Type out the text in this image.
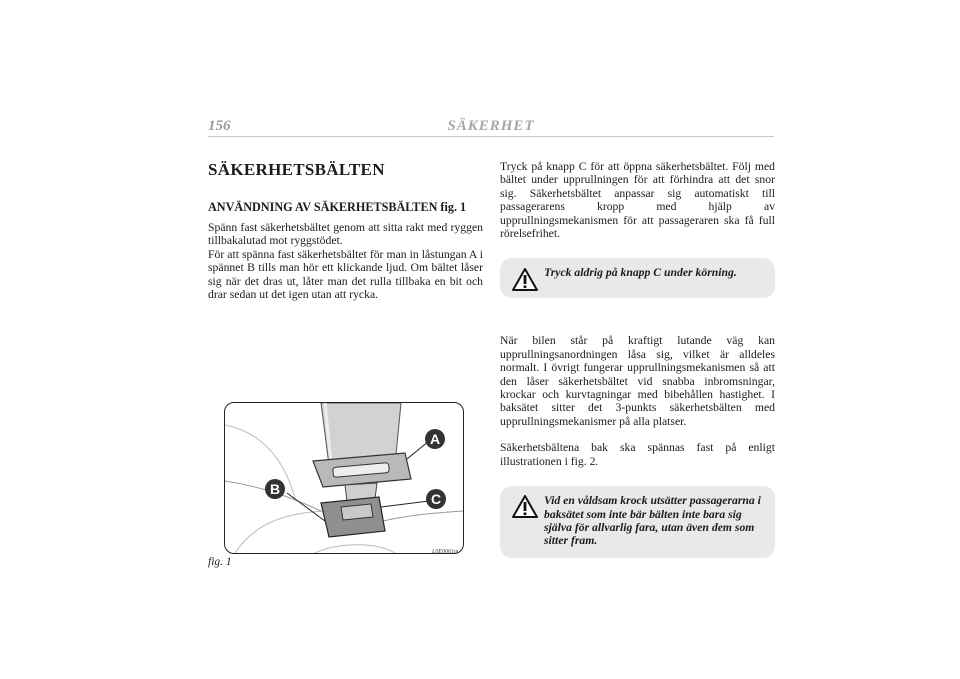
156	SÄKERHET
SÄKERHETSBÄLTEN
ANVÄNDNING AV SÄKERHETSBÄLTEN fig. 1

Spänn fast säkerhetsbältet genom att sitta rakt med ryggen tillbakalutad mot ryggstödet.

För att spänna fast säkerhetsbältet för man in låstungan A i spännet B tills man hör ett klickande ljud. Om bältet låser sig när det dras ut, låter man det rulla tillbaka en bit och drar sedan ut det igen utan att rycka.

A
B
C
fig. 1
L0E0061m

Tryck på knapp C för att öppna säkerhetsbältet. Följ med bältet under upprullningen för att förhindra att det snor sig. Säkerhetsbältet anpassar sig automatiskt till passagerarens kropp med hjälp av upprullningsmekanismen för att passageraren ska få full rörelsefrihet.

Tryck aldrig på knapp C under körning.

När bilen står på kraftigt lutande väg kan upprullningsanordningen låsa sig, vilket är alldeles normalt. I övrigt fungerar upprullningsmekanismen så att den låser säkerhetsbältet vid snabba inbromsningar, krockar och kurvtagningar med bibehållen hastighet. I baksätet sitter det 3-punkts säkerhetsbälten med upprullningsmekanismer på alla platser.

Säkerhetsbältena bak ska spännas fast på enligt illustrationen i fig. 2.

Vid en våldsam krock utsätter passagerarna i baksätet som inte bär bälten inte bara sig själva för allvarlig fara, utan även dem som sitter fram.
